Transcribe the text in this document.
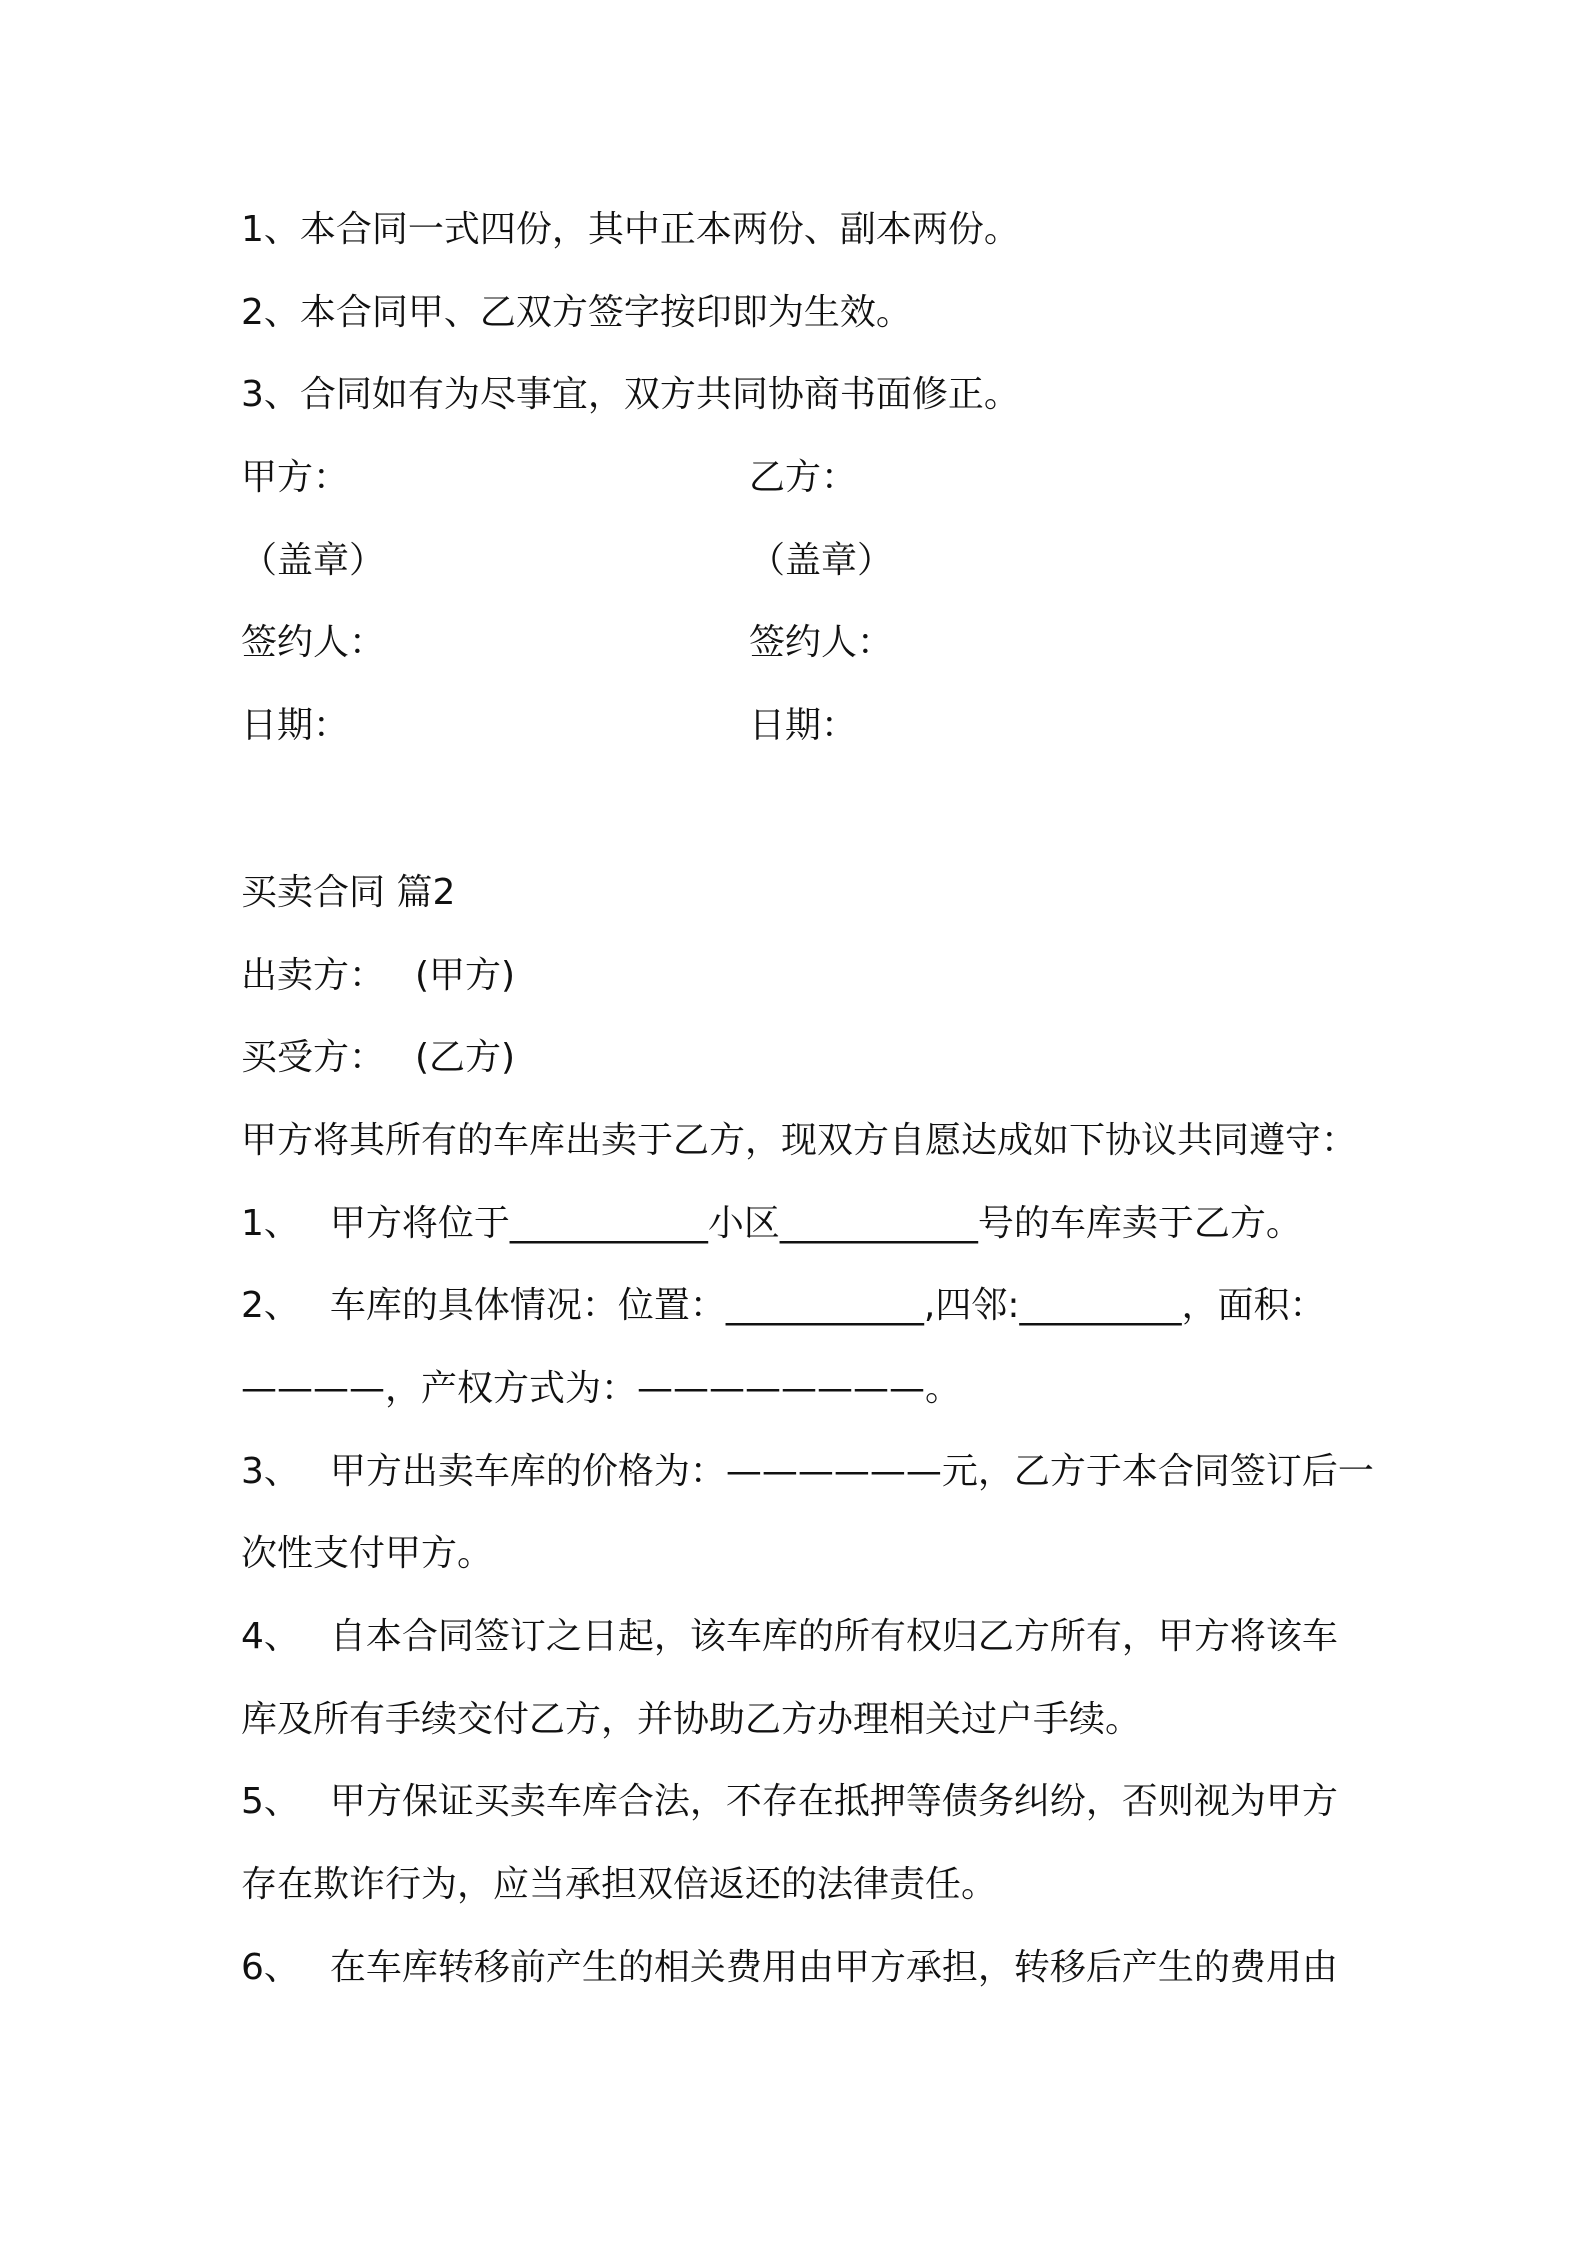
1、本合同一式四份，其中正本两份、副本两份。
2、本合同甲、乙双方签字按印即为生效。
3、合同如有为尽事宜，双方共同协商书面修正。
甲方：	乙方：
（盖章）	（盖章）
签约人：	签约人：
日期：	日期：
买卖合同 篇2
出卖方： (甲方)
买受方： (乙方)
甲方将其所有的车库出卖于乙方，现双方自愿达成如下协议共同遵守：
1、 甲方将位于___________小区___________号的车库卖于乙方。
2、 车库的具体情况：位置：___________,四邻:_________，面积：
————，产权方式为：————————。
3、 甲方出卖车库的价格为：——————元，乙方于本合同签订后一
次性支付甲方。
4、 自本合同签订之日起，该车库的所有权归乙方所有，甲方将该车
库及所有手续交付乙方，并协助乙方办理相关过户手续。
5、 甲方保证买卖车库合法，不存在抵押等债务纠纷，否则视为甲方
存在欺诈行为，应当承担双倍返还的法律责任。
6、 在车库转移前产生的相关费用由甲方承担，转移后产生的费用由
